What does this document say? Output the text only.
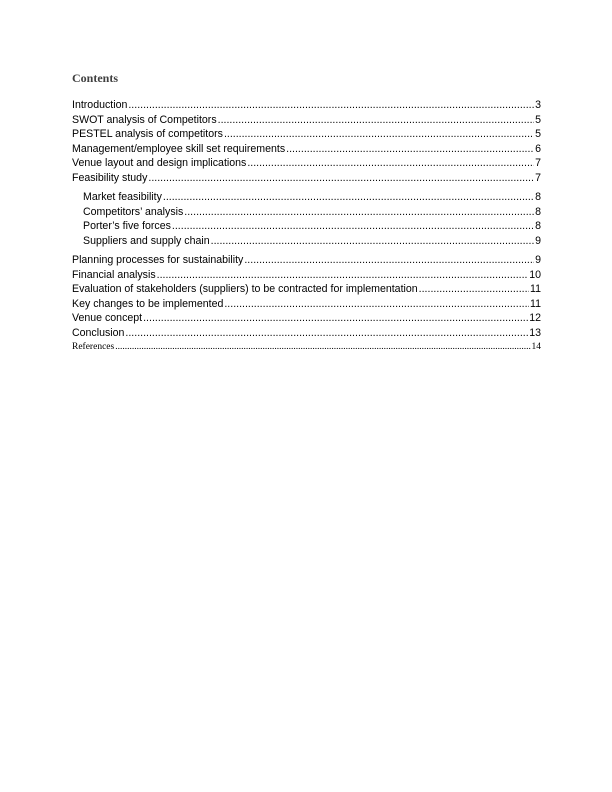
Contents
Introduction .....	3
SWOT analysis of Competitors .....	5
PESTEL analysis of competitors .....	5
Management/employee skill set requirements .....	6
Venue layout and design implications .....	7
Feasibility study .....	7
Market feasibility .....	8
Competitors’ analysis .....	8
Porter’s five forces .....	8
Suppliers and supply chain .....	9
Planning processes for sustainability .....	9
Financial analysis .....	10
Evaluation of stakeholders (suppliers) to be contracted for implementation .....	11
Key changes to be implemented .....	11
Venue concept .....	12
Conclusion .....	13
References .....	14
